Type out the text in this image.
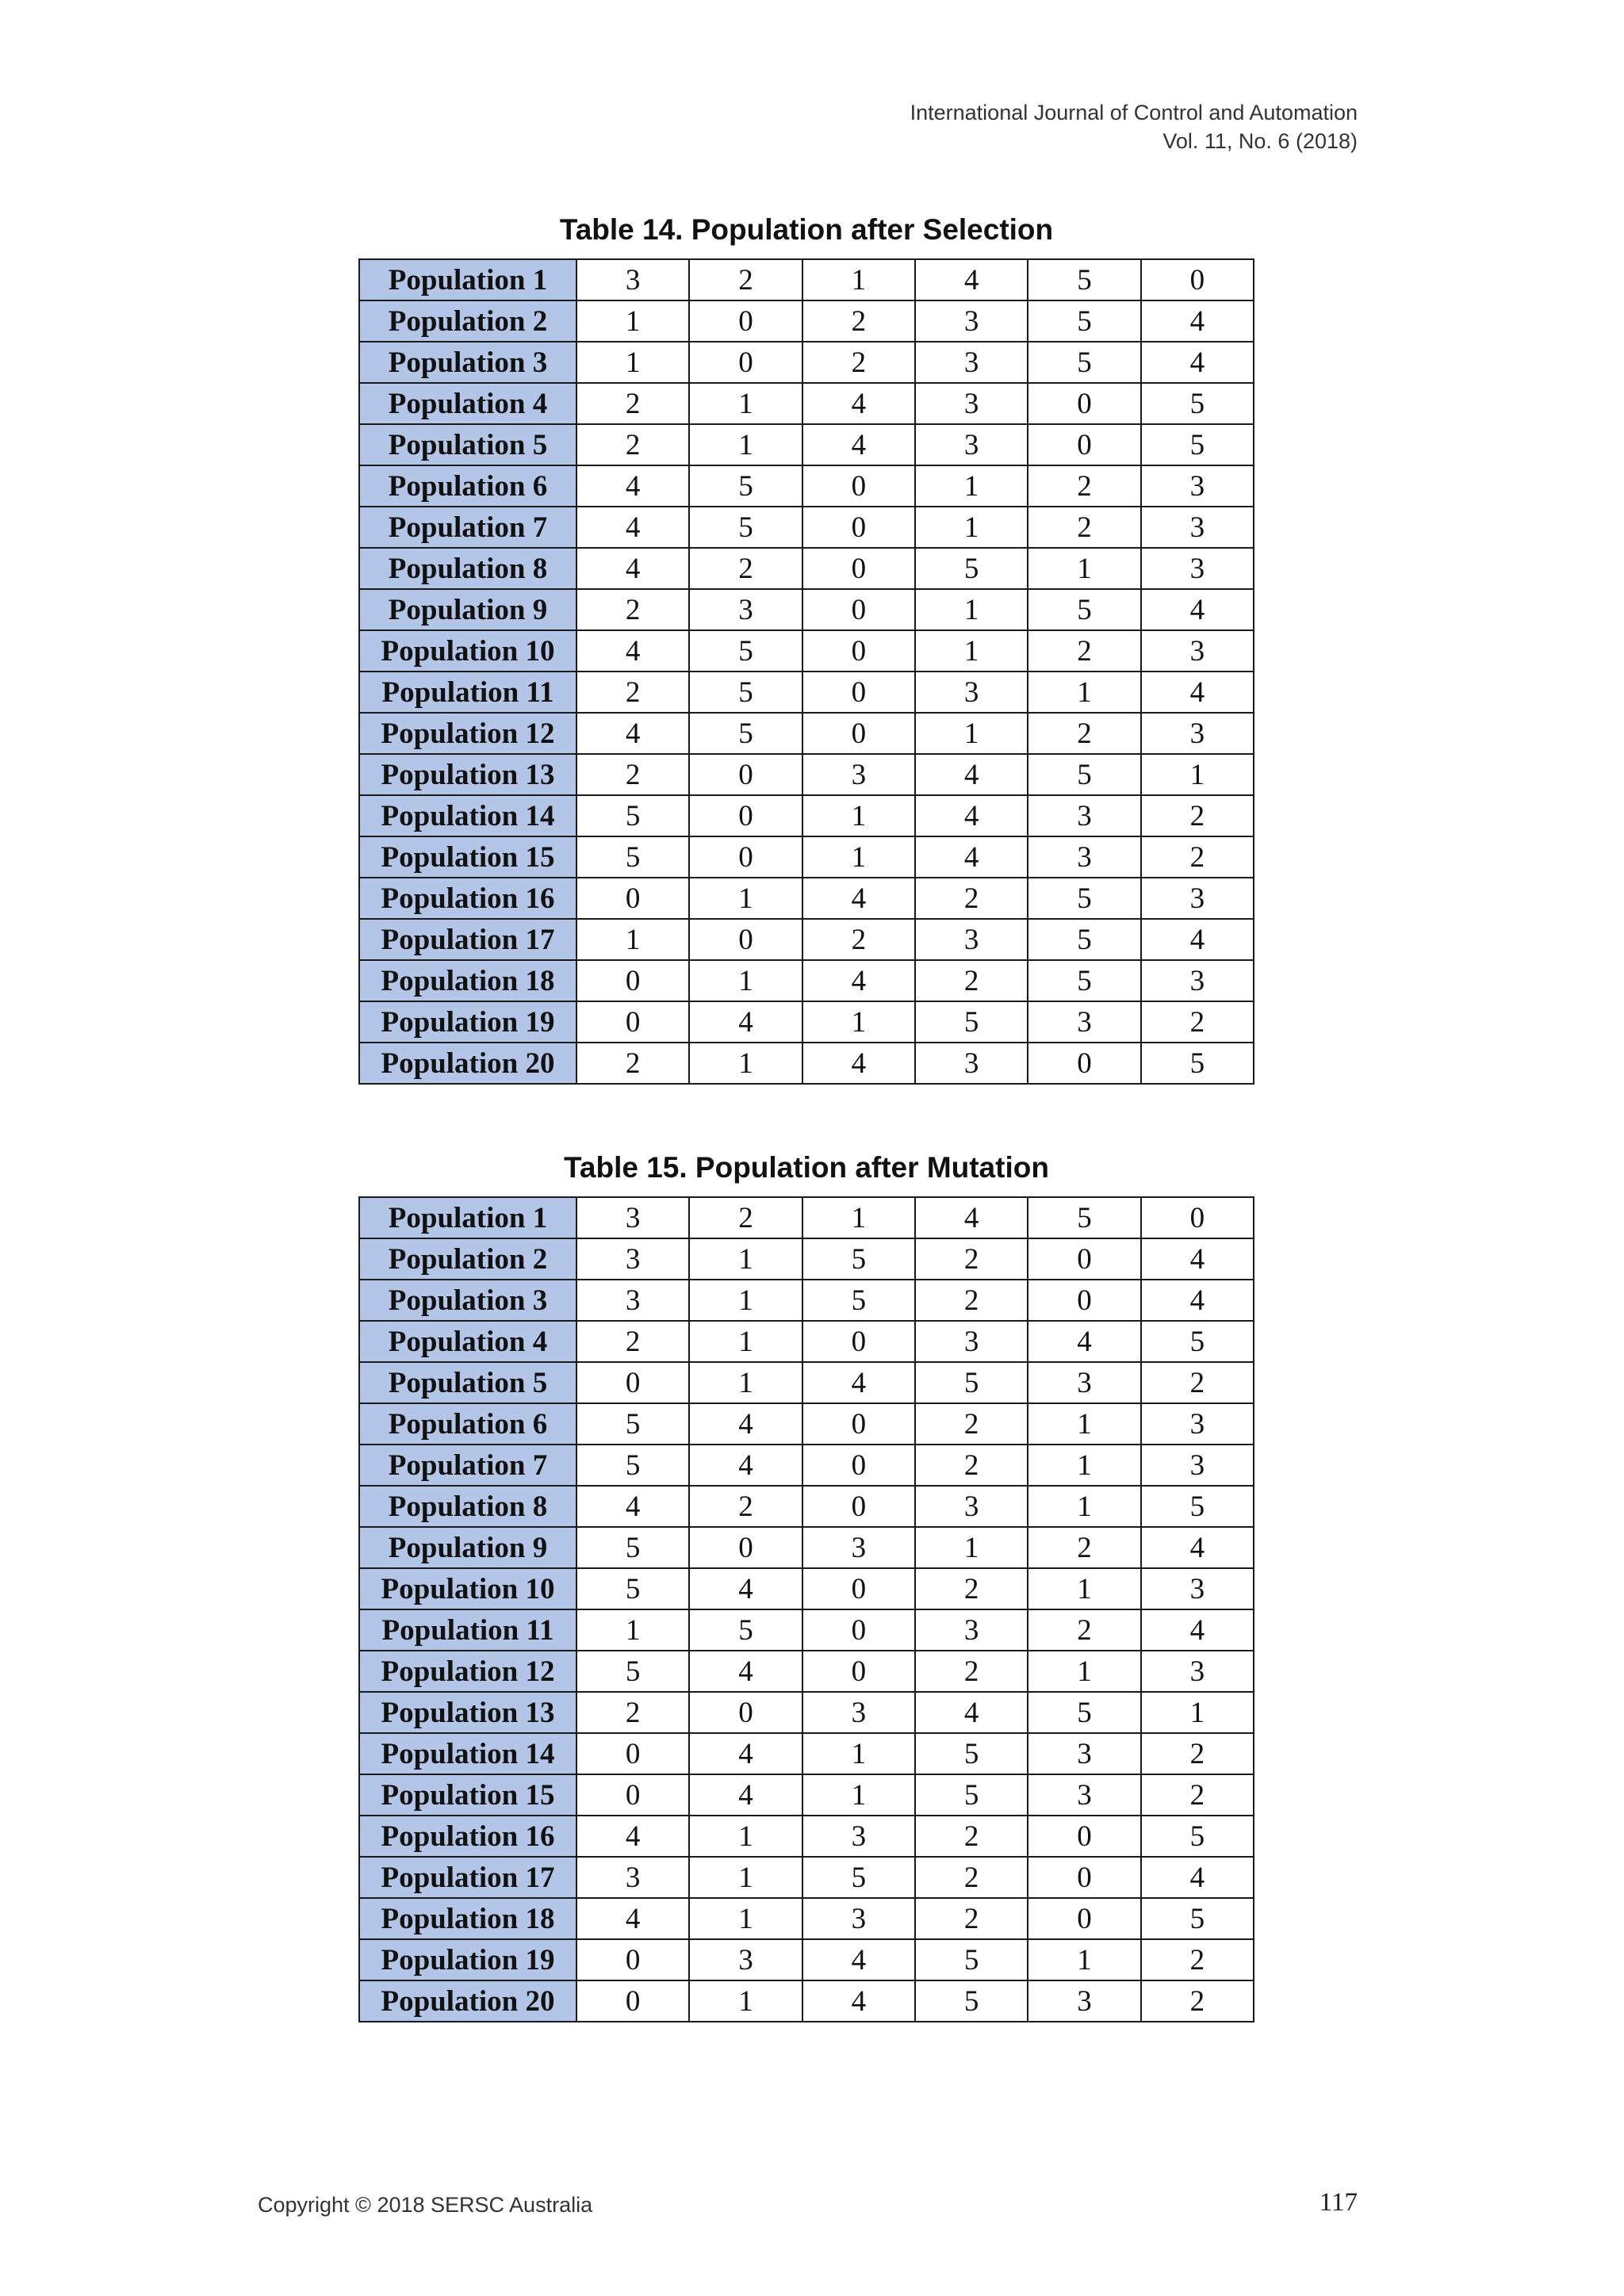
International Journal of Control and Automation
Vol. 11, No. 6 (2018)
Table 14. Population after Selection
Population 1	3	2	1	4	5	0
Population 2	1	0	2	3	5	4
Population 3	1	0	2	3	5	4
Population 4	2	1	4	3	0	5
Population 5	2	1	4	3	0	5
Population 6	4	5	0	1	2	3
Population 7	4	5	0	1	2	3
Population 8	4	2	0	5	1	3
Population 9	2	3	0	1	5	4
Population 10	4	5	0	1	2	3
Population 11	2	5	0	3	1	4
Population 12	4	5	0	1	2	3
Population 13	2	0	3	4	5	1
Population 14	5	0	1	4	3	2
Population 15	5	0	1	4	3	2
Population 16	0	1	4	2	5	3
Population 17	1	0	2	3	5	4
Population 18	0	1	4	2	5	3
Population 19	0	4	1	5	3	2
Population 20	2	1	4	3	0	5
Table 15. Population after Mutation
Population 1	3	2	1	4	5	0
Population 2	3	1	5	2	0	4
Population 3	3	1	5	2	0	4
Population 4	2	1	0	3	4	5
Population 5	0	1	4	5	3	2
Population 6	5	4	0	2	1	3
Population 7	5	4	0	2	1	3
Population 8	4	2	0	3	1	5
Population 9	5	0	3	1	2	4
Population 10	5	4	0	2	1	3
Population 11	1	5	0	3	2	4
Population 12	5	4	0	2	1	3
Population 13	2	0	3	4	5	1
Population 14	0	4	1	5	3	2
Population 15	0	4	1	5	3	2
Population 16	4	1	3	2	0	5
Population 17	3	1	5	2	0	4
Population 18	4	1	3	2	0	5
Population 19	0	3	4	5	1	2
Population 20	0	1	4	5	3	2
Copyright © 2018 SERSC Australia	117
